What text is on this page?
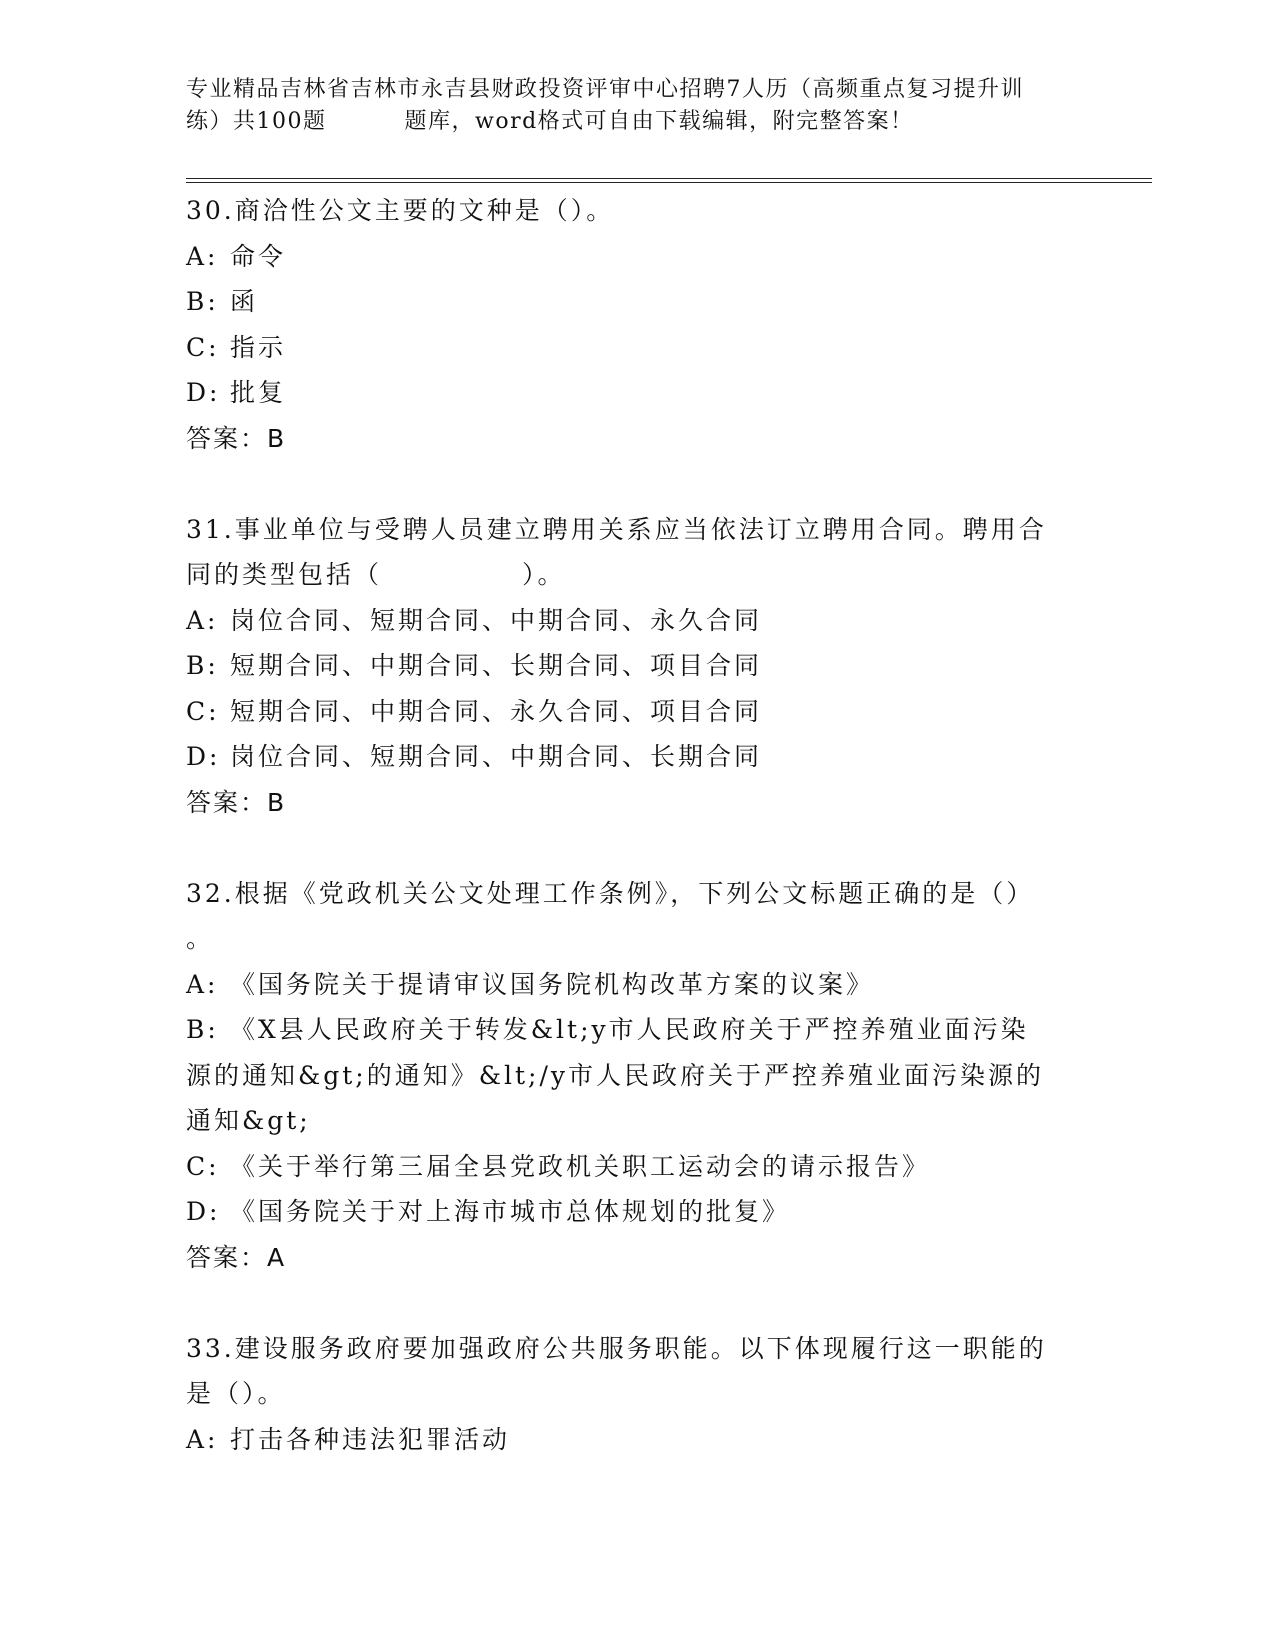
专业精品吉林省吉林市永吉县财政投资评审中心招聘7人历（高频重点复习提升训
练）共100题	题库，word格式可自由下载编辑，附完整答案！
30.商洽性公文主要的文种是（）。
A: 命令
B: 函
C: 指示
D: 批复
答案：B
31.事业单位与受聘人员建立聘用关系应当依法订立聘用合同。聘用合
同的类型包括（　　　　　）。
A: 岗位合同、短期合同、中期合同、永久合同
B: 短期合同、中期合同、长期合同、项目合同
C: 短期合同、中期合同、永久合同、项目合同
D: 岗位合同、短期合同、中期合同、长期合同
答案：B
32.根据《党政机关公文处理工作条例》，下列公文标题正确的是（）
。
A: 《国务院关于提请审议国务院机构改革方案的议案》
B: 《X县人民政府关于转发&lt;y市人民政府关于严控养殖业面污染
源的通知&gt;的通知》&lt;/y市人民政府关于严控养殖业面污染源的
通知&gt;
C: 《关于举行第三届全县党政机关职工运动会的请示报告》
D: 《国务院关于对上海市城市总体规划的批复》
答案：A
33.建设服务政府要加强政府公共服务职能。以下体现履行这一职能的
是（）。
A: 打击各种违法犯罪活动
